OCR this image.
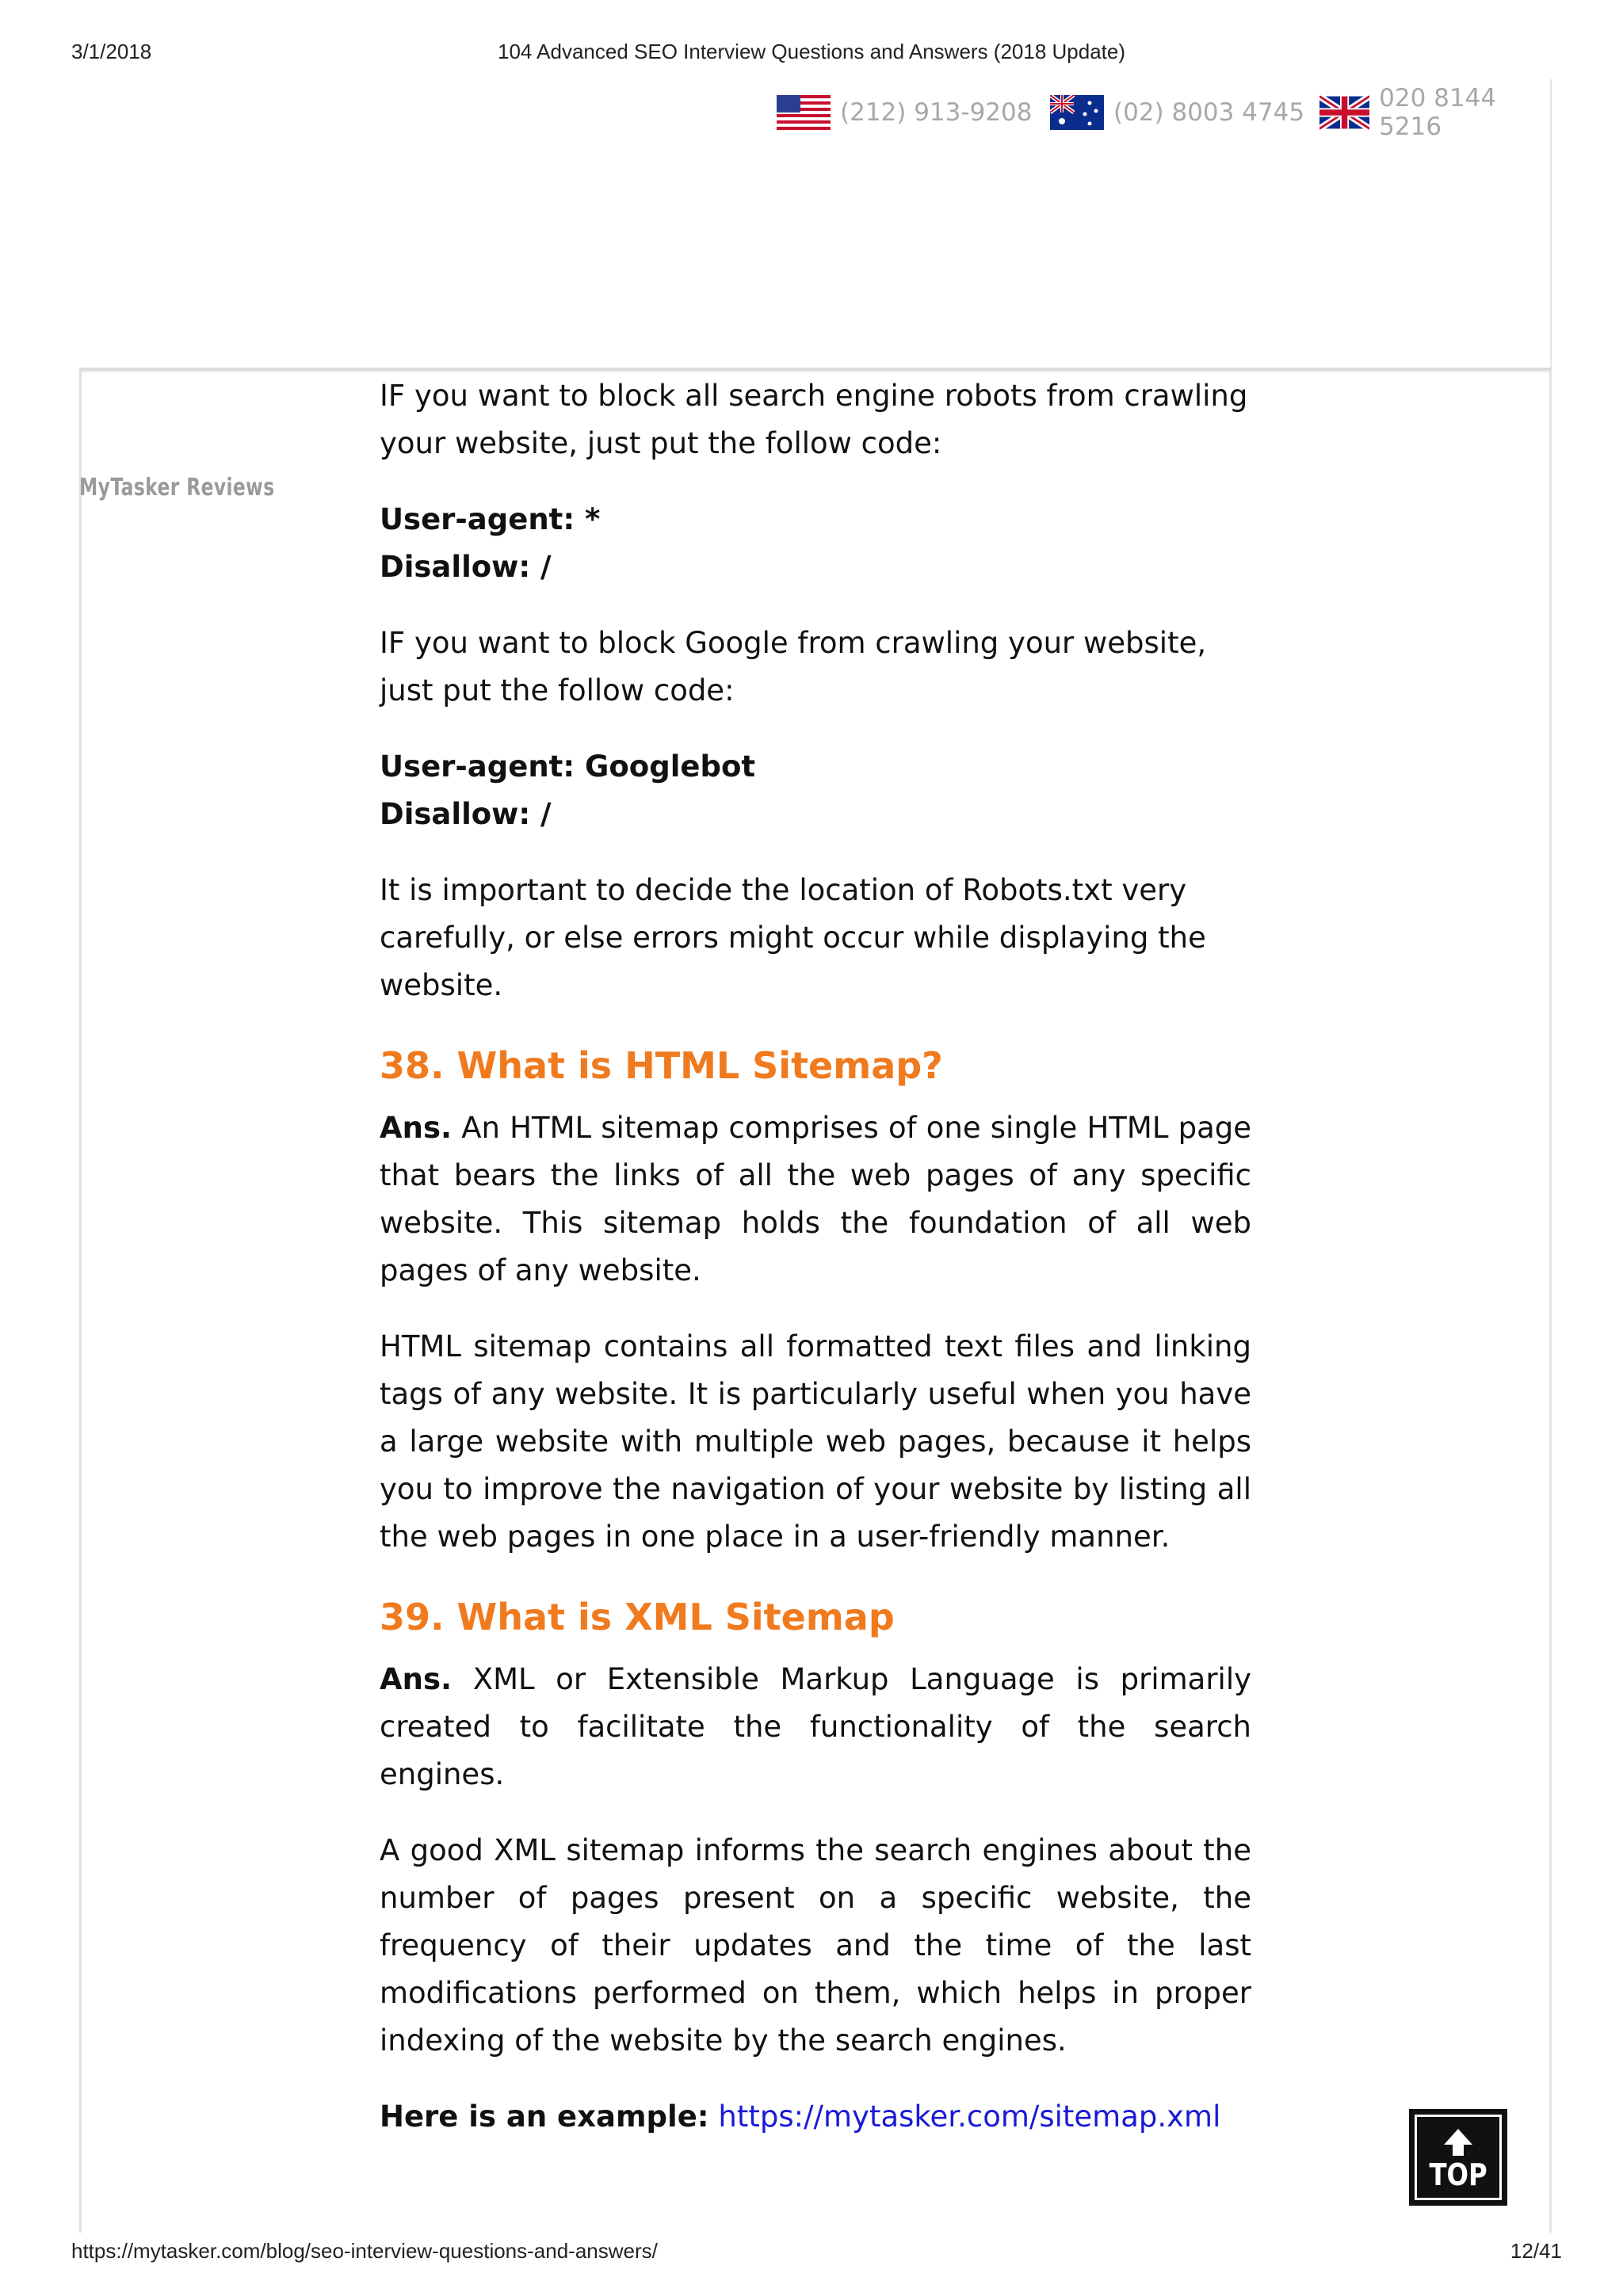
3/1/2018	104 Advanced SEO Interview Questions and Answers (2018 Update)
(212) 913-9208	(02) 8003 4745	020 8144 5216
MyTasker Reviews

IF you want to block all search engine robots from crawling your website, just put the follow code:

User-agent: *
Disallow: /

IF you want to block Google from crawling your website, just put the follow code:

User-agent: Googlebot
Disallow: /

It is important to decide the location of Robots.txt very carefully, or else errors might occur while displaying the website.

38. What is HTML Sitemap?

Ans. An HTML sitemap comprises of one single HTML page that bears the links of all the web pages of any specific website. This sitemap holds the foundation of all web pages of any website.

HTML sitemap contains all formatted text files and linking tags of any website. It is particularly useful when you have a large website with multiple web pages, because it helps you to improve the navigation of your website by listing all the web pages in one place in a user-friendly manner.

39. What is XML Sitemap

Ans. XML or Extensible Markup Language is primarily created to facilitate the functionality of the search engines.

A good XML sitemap informs the search engines about the number of pages present on a specific website, the frequency of their updates and the time of the last modifications performed on them, which helps in proper indexing of the website by the search engines.

Here is an example: https://mytasker.com/sitemap.xml

TOP
https://mytasker.com/blog/seo-interview-questions-and-answers/	12/41
